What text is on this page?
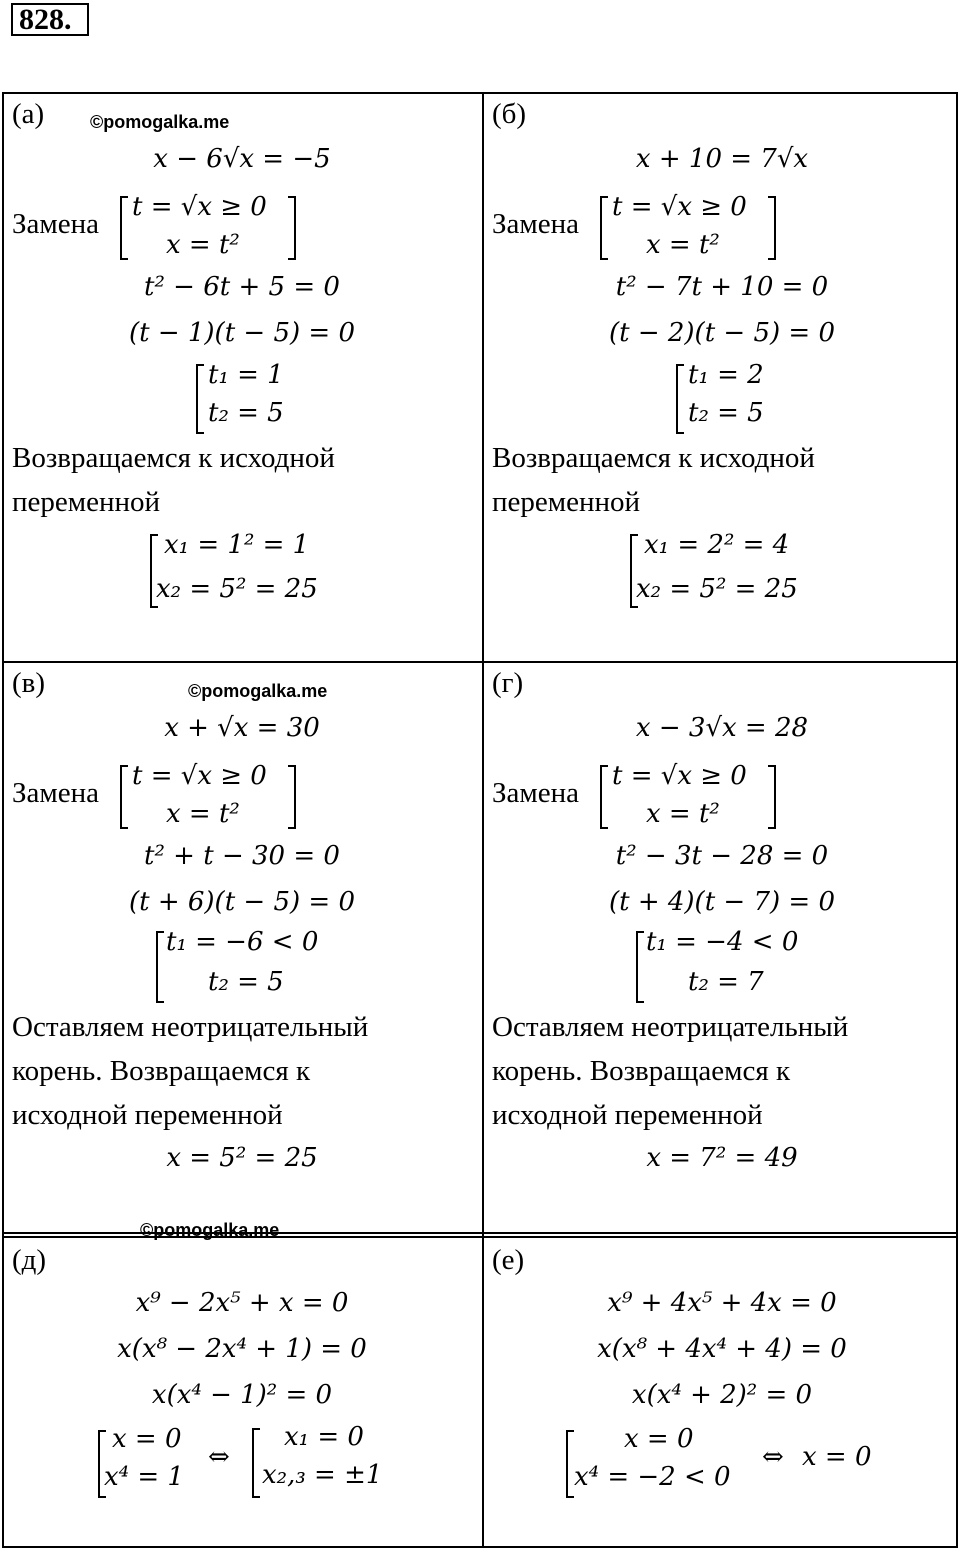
828.
(а)	©pomogalka.me
x − 6√x = −5
Замена
t = √x ≥ 0
x = t²
t² − 6t + 5 = 0
(t − 1)(t − 5) = 0
t₁ = 1
t₂ = 5
Возвращаемся к исходной
переменной
x₁ = 1² = 1
x₂ = 5² = 25
(б)
x + 10 = 7√x
Замена
t = √x ≥ 0
x = t²
t² − 7t + 10 = 0
(t − 2)(t − 5) = 0
t₁ = 2
t₂ = 5
Возвращаемся к исходной
переменной
x₁ = 2² = 4
x₂ = 5² = 25
(в)	©pomogalka.me
x + √x = 30
Замена
t = √x ≥ 0
x = t²
t² + t − 30 = 0
(t + 6)(t − 5) = 0
t₁ = −6 < 0
t₂ = 5
Оставляем неотрицательный
корень. Возвращаемся к
исходной переменной
x = 5² = 25
(г)
x − 3√x = 28
Замена
t = √x ≥ 0
x = t²
t² − 3t − 28 = 0
(t + 4)(t − 7) = 0
t₁ = −4 < 0
t₂ = 7
Оставляем неотрицательный
корень. Возвращаемся к
исходной переменной
x = 7² = 49
©pomogalka.me
(д)
x⁹ − 2x⁵ + x = 0
x(x⁸ − 2x⁴ + 1) = 0
x(x⁴ − 1)² = 0
x = 0
x⁴ = 1
⇔
x₁ = 0
x₂,₃ = ±1
(е)
x⁹ + 4x⁵ + 4x = 0
x(x⁸ + 4x⁴ + 4) = 0
x(x⁴ + 2)² = 0
x = 0
x⁴ = −2 < 0
⇔ x = 0
